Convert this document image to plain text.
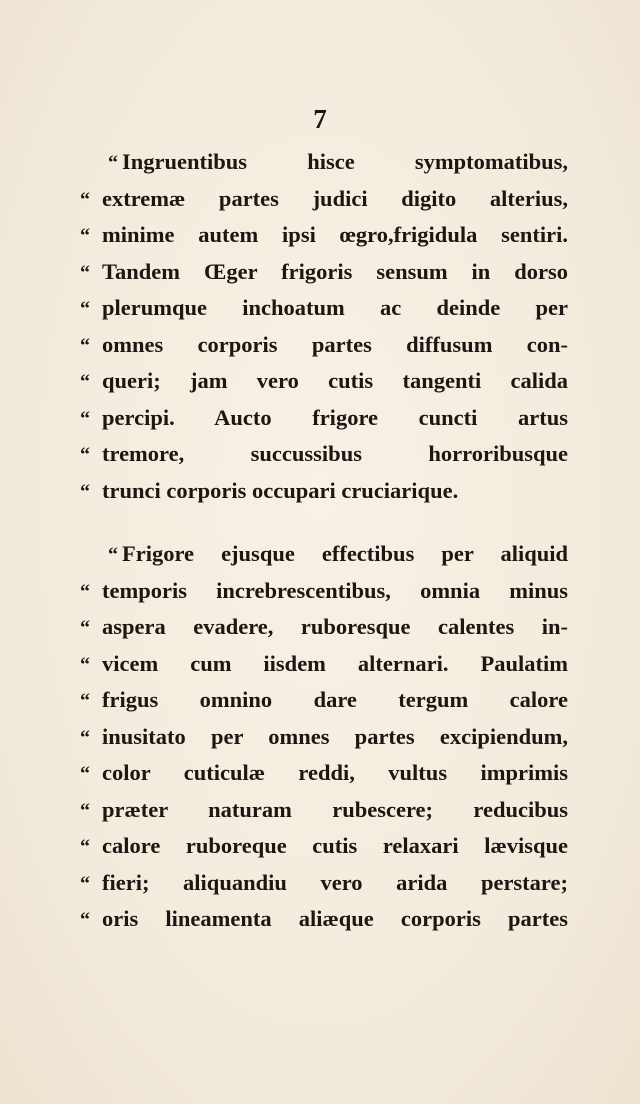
7
“ Ingruentibus hisce symptomatibus,
“ extremæ partes judici digito alterius,
“ minime autem ipsi œgro,frigidula sentiri.
“ Tandem Œger frigoris sensum in dorso
“ plerumque inchoatum ac deinde per
“ omnes corporis partes diffusum con-
“ queri; jam vero cutis tangenti calida
“ percipi. Aucto frigore cuncti artus
“ tremore, succussibus horroribusque
“ trunci corporis occupari cruciarique.
“ Frigore ejusque effectibus per aliquid
“ temporis increbrescentibus, omnia minus
“ aspera evadere, ruboresque calentes in-
“ vicem cum iisdem alternari. Paulatim
“ frigus omnino dare tergum calore
“ inusitato per omnes partes excipiendum,
“ color cuticulæ reddi, vultus imprimis
“ præter naturam rubescere; reducibus
“ calore ruboreque cutis relaxari lævisque
“ fieri; aliquandiu vero arida perstare;
“ oris lineamenta aliæque corporis partes
